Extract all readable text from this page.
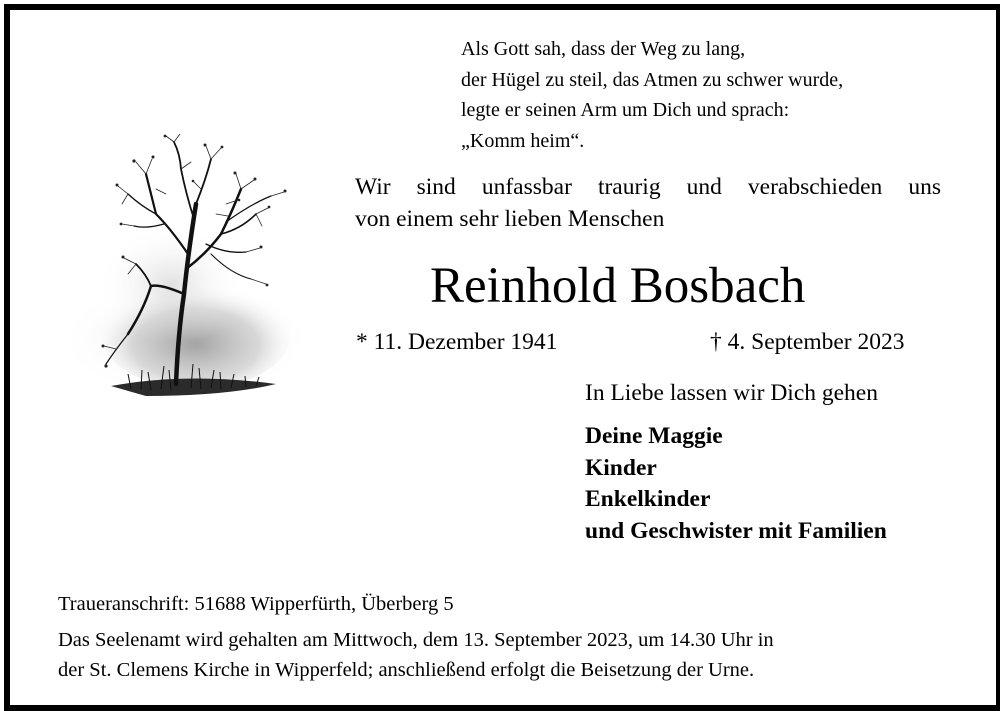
Als Gott sah, dass der Weg zu lang,
der Hügel zu steil, das Atmen zu schwer wurde,
legte er seinen Arm um Dich und sprach:
„Komm heim“.
Wir sind unfassbar traurig und verabschieden uns
von einem sehr lieben Menschen
Reinhold Bosbach
* 11. Dezember 1941	† 4. September 2023
In Liebe lassen wir Dich gehen
Deine Maggie
Kinder
Enkelkinder
und Geschwister mit Familien
Traueranschrift: 51688 Wipperfürth, Überberg 5
Das Seelenamt wird gehalten am Mittwoch, dem 13. September 2023, um 14.30 Uhr in
der St. Clemens Kirche in Wipperfeld; anschließend erfolgt die Beisetzung der Urne.
